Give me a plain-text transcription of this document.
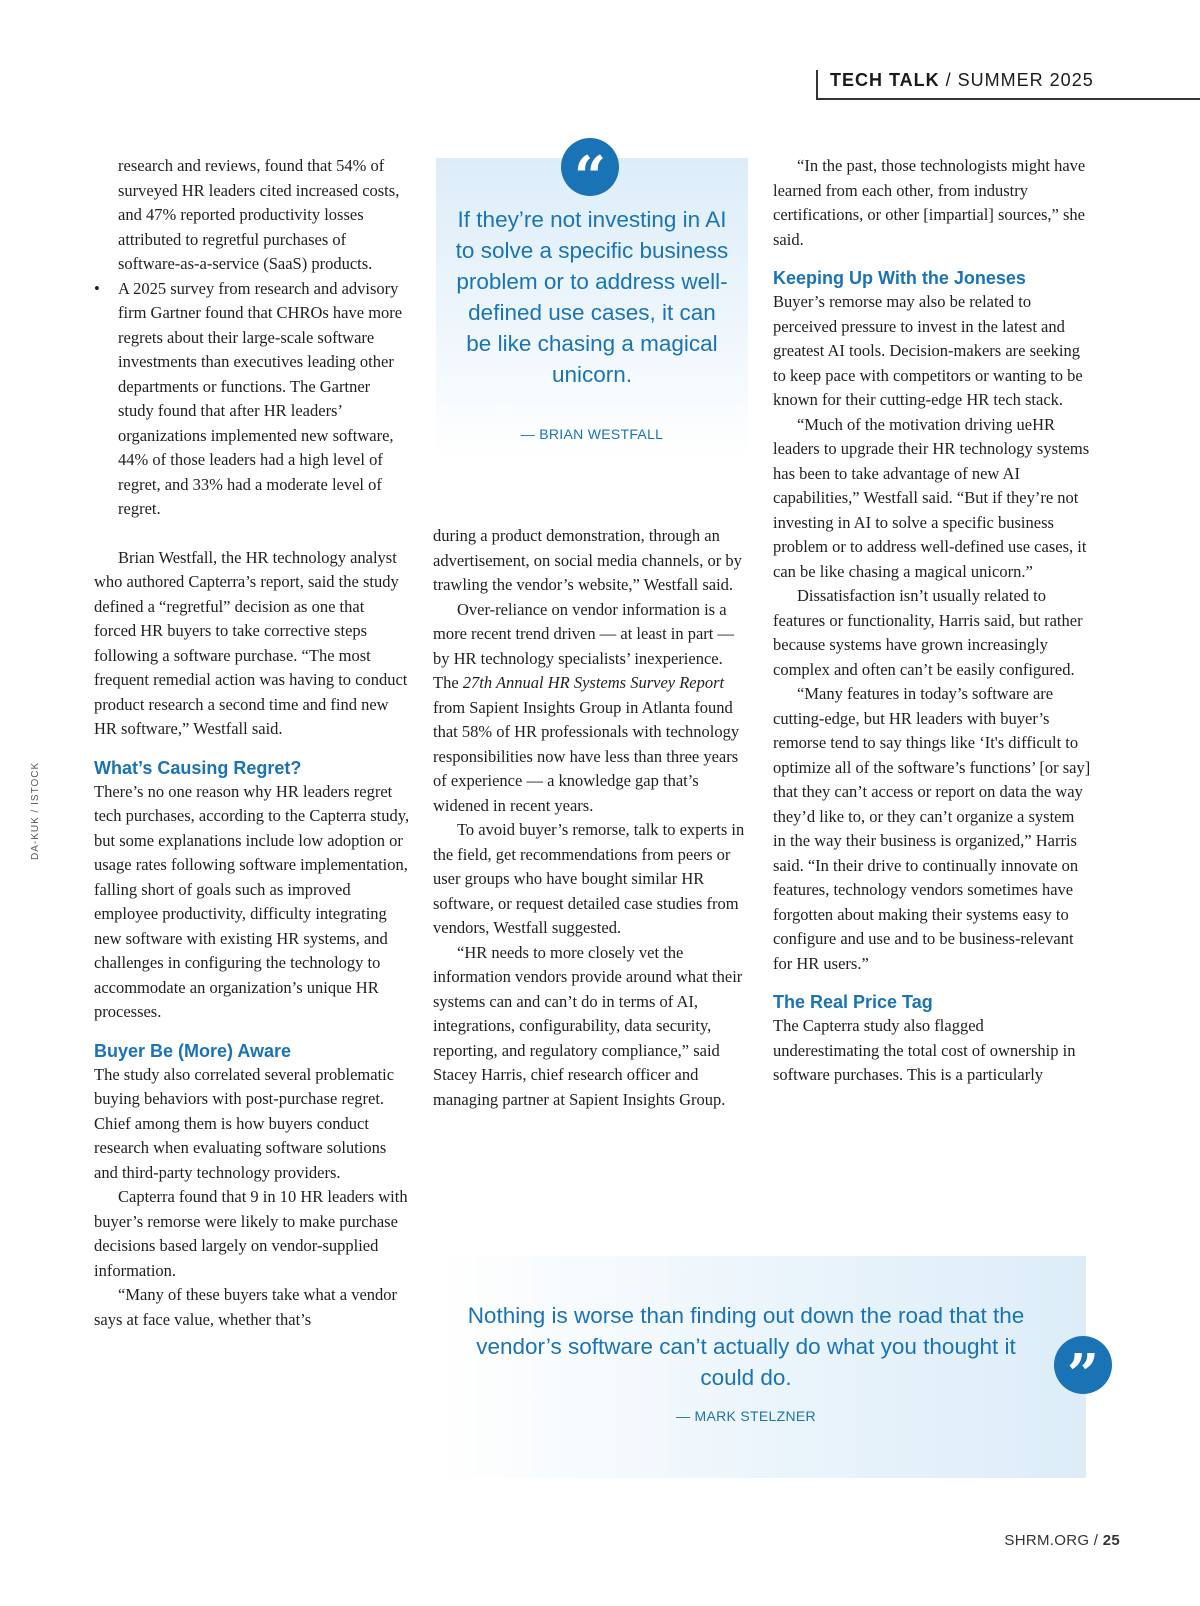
TECH TALK / SUMMER 2025
DA-KUK / ISTOCK
research and reviews, found that 54% of surveyed HR leaders cited increased costs, and 47% reported productivity losses attributed to regretful purchases of software-as-a-service (SaaS) products.
• A 2025 survey from research and advisory firm Gartner found that CHROs have more regrets about their large-scale software investments than executives leading other departments or functions. The Gartner study found that after HR leaders’ organizations implemented new software, 44% of those leaders had a high level of regret, and 33% had a moderate level of regret.

Brian Westfall, the HR technology analyst who authored Capterra’s report, said the study defined a “regretful” decision as one that forced HR buyers to take corrective steps following a software purchase. “The most frequent remedial action was having to conduct product research a second time and find new HR software,” Westfall said.

What’s Causing Regret?

There’s no one reason why HR leaders regret tech purchases, according to the Capterra study, but some explanations include low adoption or usage rates following software implementation, falling short of goals such as improved employee productivity, difficulty integrating new software with existing HR systems, and challenges in configuring the technology to accommodate an organization’s unique HR processes.

Buyer Be (More) Aware

The study also correlated several problematic buying behaviors with post-purchase regret. Chief among them is how buyers conduct research when evaluating software solutions and third-party technology providers.

Capterra found that 9 in 10 HR leaders with buyer’s remorse were likely to make purchase decisions based largely on vendor-supplied information.

“Many of these buyers take what a vendor says at face value, whether that’s

“
If they’re not investing in AI to solve a specific business problem or to address well-defined use cases, it can be like chasing a magical unicorn.
— BRIAN WESTFALL

during a product demonstration, through an advertisement, on social media channels, or by trawling the vendor’s website,” Westfall said.

Over-reliance on vendor information is a more recent trend driven — at least in part — by HR technology specialists’ inexperience. The 27th Annual HR Systems Survey Report from Sapient Insights Group in Atlanta found that 58% of HR professionals with technology responsibilities now have less than three years of experience — a knowledge gap that’s widened in recent years.

To avoid buyer’s remorse, talk to experts in the field, get recommendations from peers or user groups who have bought similar HR software, or request detailed case studies from vendors, Westfall suggested.

“HR needs to more closely vet the information vendors provide around what their systems can and can’t do in terms of AI, integrations, configurability, data security, reporting, and regulatory compliance,” said Stacey Harris, chief research officer and managing partner at Sapient Insights Group.

“In the past, those technologists might have learned from each other, from industry certifications, or other [impartial] sources,” she said.

Keeping Up With the Joneses

Buyer’s remorse may also be related to perceived pressure to invest in the latest and greatest AI tools. Decision-makers are seeking to keep pace with competitors or wanting to be known for their cutting-edge HR tech stack.

“Much of the motivation driving ueHR leaders to upgrade their HR technology systems has been to take advantage of new AI capabilities,” Westfall said. “But if they’re not investing in AI to solve a specific business problem or to address well-defined use cases, it can be like chasing a magical unicorn.”

Dissatisfaction isn’t usually related to features or functionality, Harris said, but rather because systems have grown increasingly complex and often can’t be easily configured.

“Many features in today’s software are cutting-edge, but HR leaders with buyer’s remorse tend to say things like ‘It's difficult to optimize all of the software’s functions’ [or say] that they can’t access or report on data the way they’d like to, or they can’t organize a system in the way their business is organized,” Harris said. “In their drive to continually innovate on features, technology vendors sometimes have forgotten about making their systems easy to configure and use and to be business-relevant for HR users.”

The Real Price Tag

The Capterra study also flagged underestimating the total cost of ownership in software purchases. This is a particularly

Nothing is worse than finding out down the road that the vendor’s software can’t actually do what you thought it could do.
— MARK STELZNER
”
SHRM.ORG / 25
